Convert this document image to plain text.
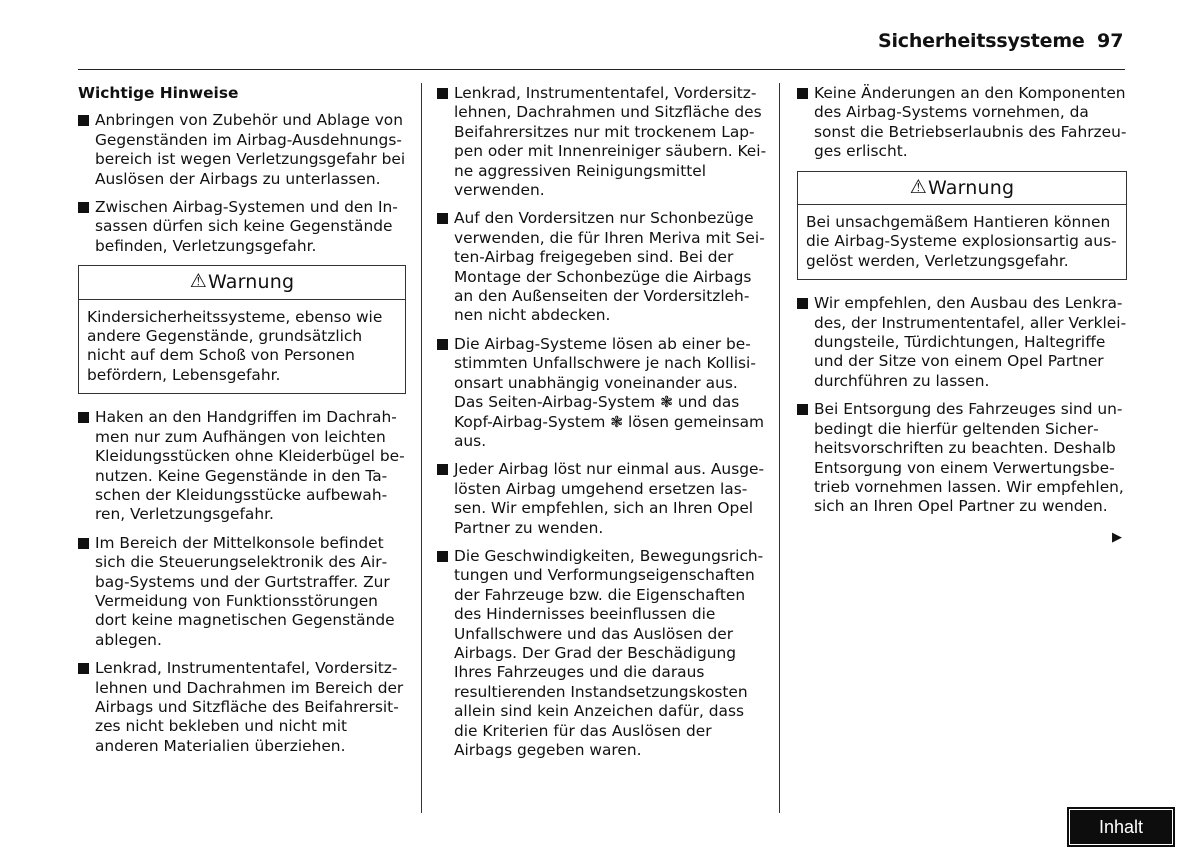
Sicherheitssysteme 97
Wichtige Hinweise
Anbringen von Zubehör und Ablage von Gegenständen im Airbag-Ausdehnungsbereich ist wegen Verletzungsgefahr bei Auslösen der Airbags zu unterlassen.
Zwischen Airbag-Systemen und den Insassen dürfen sich keine Gegenstände befinden, Verletzungsgefahr.
⚠Warnung
Kindersicherheitssysteme, ebenso wie andere Gegenstände, grundsätzlich nicht auf dem Schoß von Personen befördern, Lebensgefahr.
Haken an den Handgriffen im Dachrahmen nur zum Aufhängen von leichten Kleidungsstücken ohne Kleiderbügel benutzen. Keine Gegenstände in den Taschen der Kleidungsstücke aufbewahren, Verletzungsgefahr.
Im Bereich der Mittelkonsole befindet sich die Steuerungselektronik des Airbag-Systems und der Gurtstraffer. Zur Vermeidung von Funktionsstörungen dort keine magnetischen Gegenstände ablegen.
Lenkrad, Instrumententafel, Vordersitzlehnen und Dachrahmen im Bereich der Airbags und Sitzfläche des Beifahrersitzes nicht bekleben und nicht mit anderen Materialien überziehen.
Lenkrad, Instrumententafel, Vordersitzlehnen, Dachrahmen und Sitzfläche des Beifahrersitzes nur mit trockenem Lappen oder mit Innenreiniger säubern. Keine aggressiven Reinigungsmittel verwenden.
Auf den Vordersitzen nur Schonbezüge verwenden, die für Ihren Meriva mit Seiten-Airbag freigegeben sind. Bei der Montage der Schonbezüge die Airbags an den Außenseiten der Vordersitzlehnen nicht abdecken.
Die Airbag-Systeme lösen ab einer bestimmten Unfallschwere je nach Kollisionsart unabhängig voneinander aus. Das Seiten-Airbag-System ❃ und das Kopf-Airbag-System ❃ lösen gemeinsam aus.
Jeder Airbag löst nur einmal aus. Ausgelösten Airbag umgehend ersetzen lassen. Wir empfehlen, sich an Ihren Opel Partner zu wenden.
Die Geschwindigkeiten, Bewegungsrichtungen und Verformungseigenschaften der Fahrzeuge bzw. die Eigenschaften des Hindernisses beeinflussen die Unfallschwere und das Auslösen der Airbags. Der Grad der Beschädigung Ihres Fahrzeuges und die daraus resultierenden Instandsetzungskosten allein sind kein Anzeichen dafür, dass die Kriterien für das Auslösen der Airbags gegeben waren.
Keine Änderungen an den Komponenten des Airbag-Systems vornehmen, da sonst die Betriebserlaubnis des Fahrzeuges erlischt.
⚠Warnung
Bei unsachgemäßem Hantieren können die Airbag-Systeme explosionsartig ausgelöst werden, Verletzungsgefahr.
Wir empfehlen, den Ausbau des Lenkrades, der Instrumententafel, aller Verkleidungsteile, Türdichtungen, Haltegriffe und der Sitze von einem Opel Partner durchführen zu lassen.
Bei Entsorgung des Fahrzeuges sind unbedingt die hierfür geltenden Sicherheitsvorschriften zu beachten. Deshalb Entsorgung von einem Verwertungsbetrieb vornehmen lassen. Wir empfehlen, sich an Ihren Opel Partner zu wenden.
▶
Inhalt
